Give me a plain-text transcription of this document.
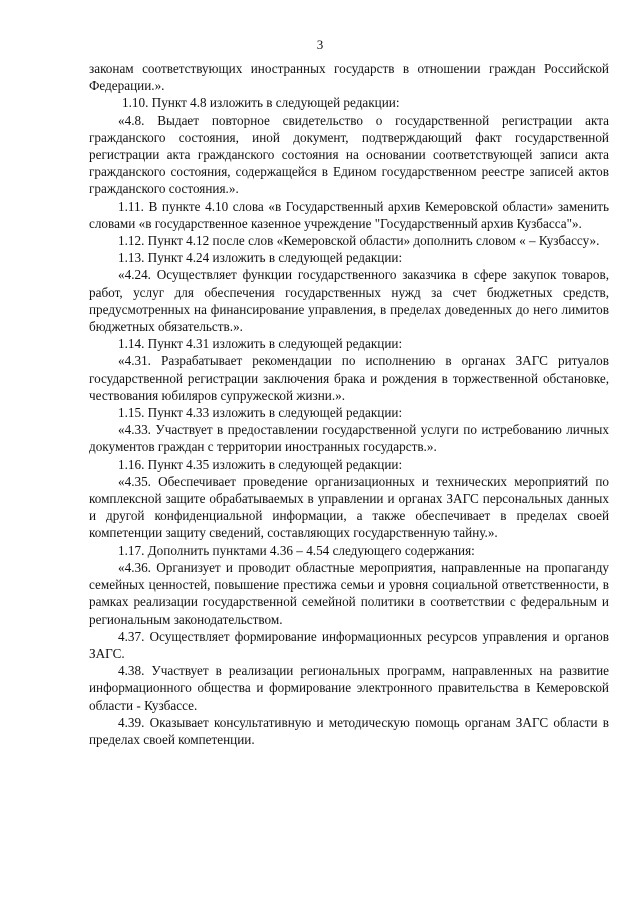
3

законам соответствующих иностранных государств в отношении граждан Российской Федерации.».

1.10. Пункт 4.8 изложить в следующей редакции:

«4.8. Выдает повторное свидетельство о государственной регистрации акта гражданского состояния, иной документ, подтверждающий факт государственной регистрации акта гражданского состояния на основании соответствующей записи акта гражданского состояния, содержащейся в Едином государственном реестре записей актов гражданского состояния.».

1.11. В пункте 4.10 слова «в Государственный архив Кемеровской области» заменить словами «в государственное казенное учреждение "Государственный архив Кузбасса"».

1.12. Пункт 4.12 после слов «Кемеровской области» дополнить словом « – Кузбассу».

1.13. Пункт 4.24 изложить в следующей редакции:

«4.24. Осуществляет функции государственного заказчика в сфере закупок товаров, работ, услуг для обеспечения государственных нужд за счет бюджетных средств, предусмотренных на финансирование управления, в пределах доведенных до него лимитов бюджетных обязательств.».

1.14. Пункт 4.31 изложить в следующей редакции:

«4.31. Разрабатывает рекомендации по исполнению в органах ЗАГС ритуалов государственной регистрации заключения брака и рождения в торжественной обстановке, чествования юбиляров супружеской жизни.».

1.15. Пункт 4.33 изложить в следующей редакции:

«4.33. Участвует в предоставлении государственной услуги по истребованию личных документов граждан с территории иностранных государств.».

1.16. Пункт 4.35 изложить в следующей редакции:

«4.35. Обеспечивает проведение организационных и технических мероприятий по комплексной защите обрабатываемых в управлении и органах ЗАГС персональных данных и другой конфиденциальной информации, а также обеспечивает в пределах своей компетенции защиту сведений, составляющих государственную тайну.».

1.17. Дополнить пунктами 4.36 – 4.54 следующего содержания:

«4.36. Организует и проводит областные мероприятия, направленные на пропаганду семейных ценностей, повышение престижа семьи и уровня социальной ответственности, в рамках реализации государственной семейной политики в соответствии с федеральным и региональным законодательством.

4.37. Осуществляет формирование информационных ресурсов управления и органов ЗАГС.

4.38. Участвует в реализации региональных программ, направленных на развитие информационного общества и формирование электронного правительства в Кемеровской области - Кузбассе.

4.39. Оказывает консультативную и методическую помощь органам ЗАГС области в пределах своей компетенции.
